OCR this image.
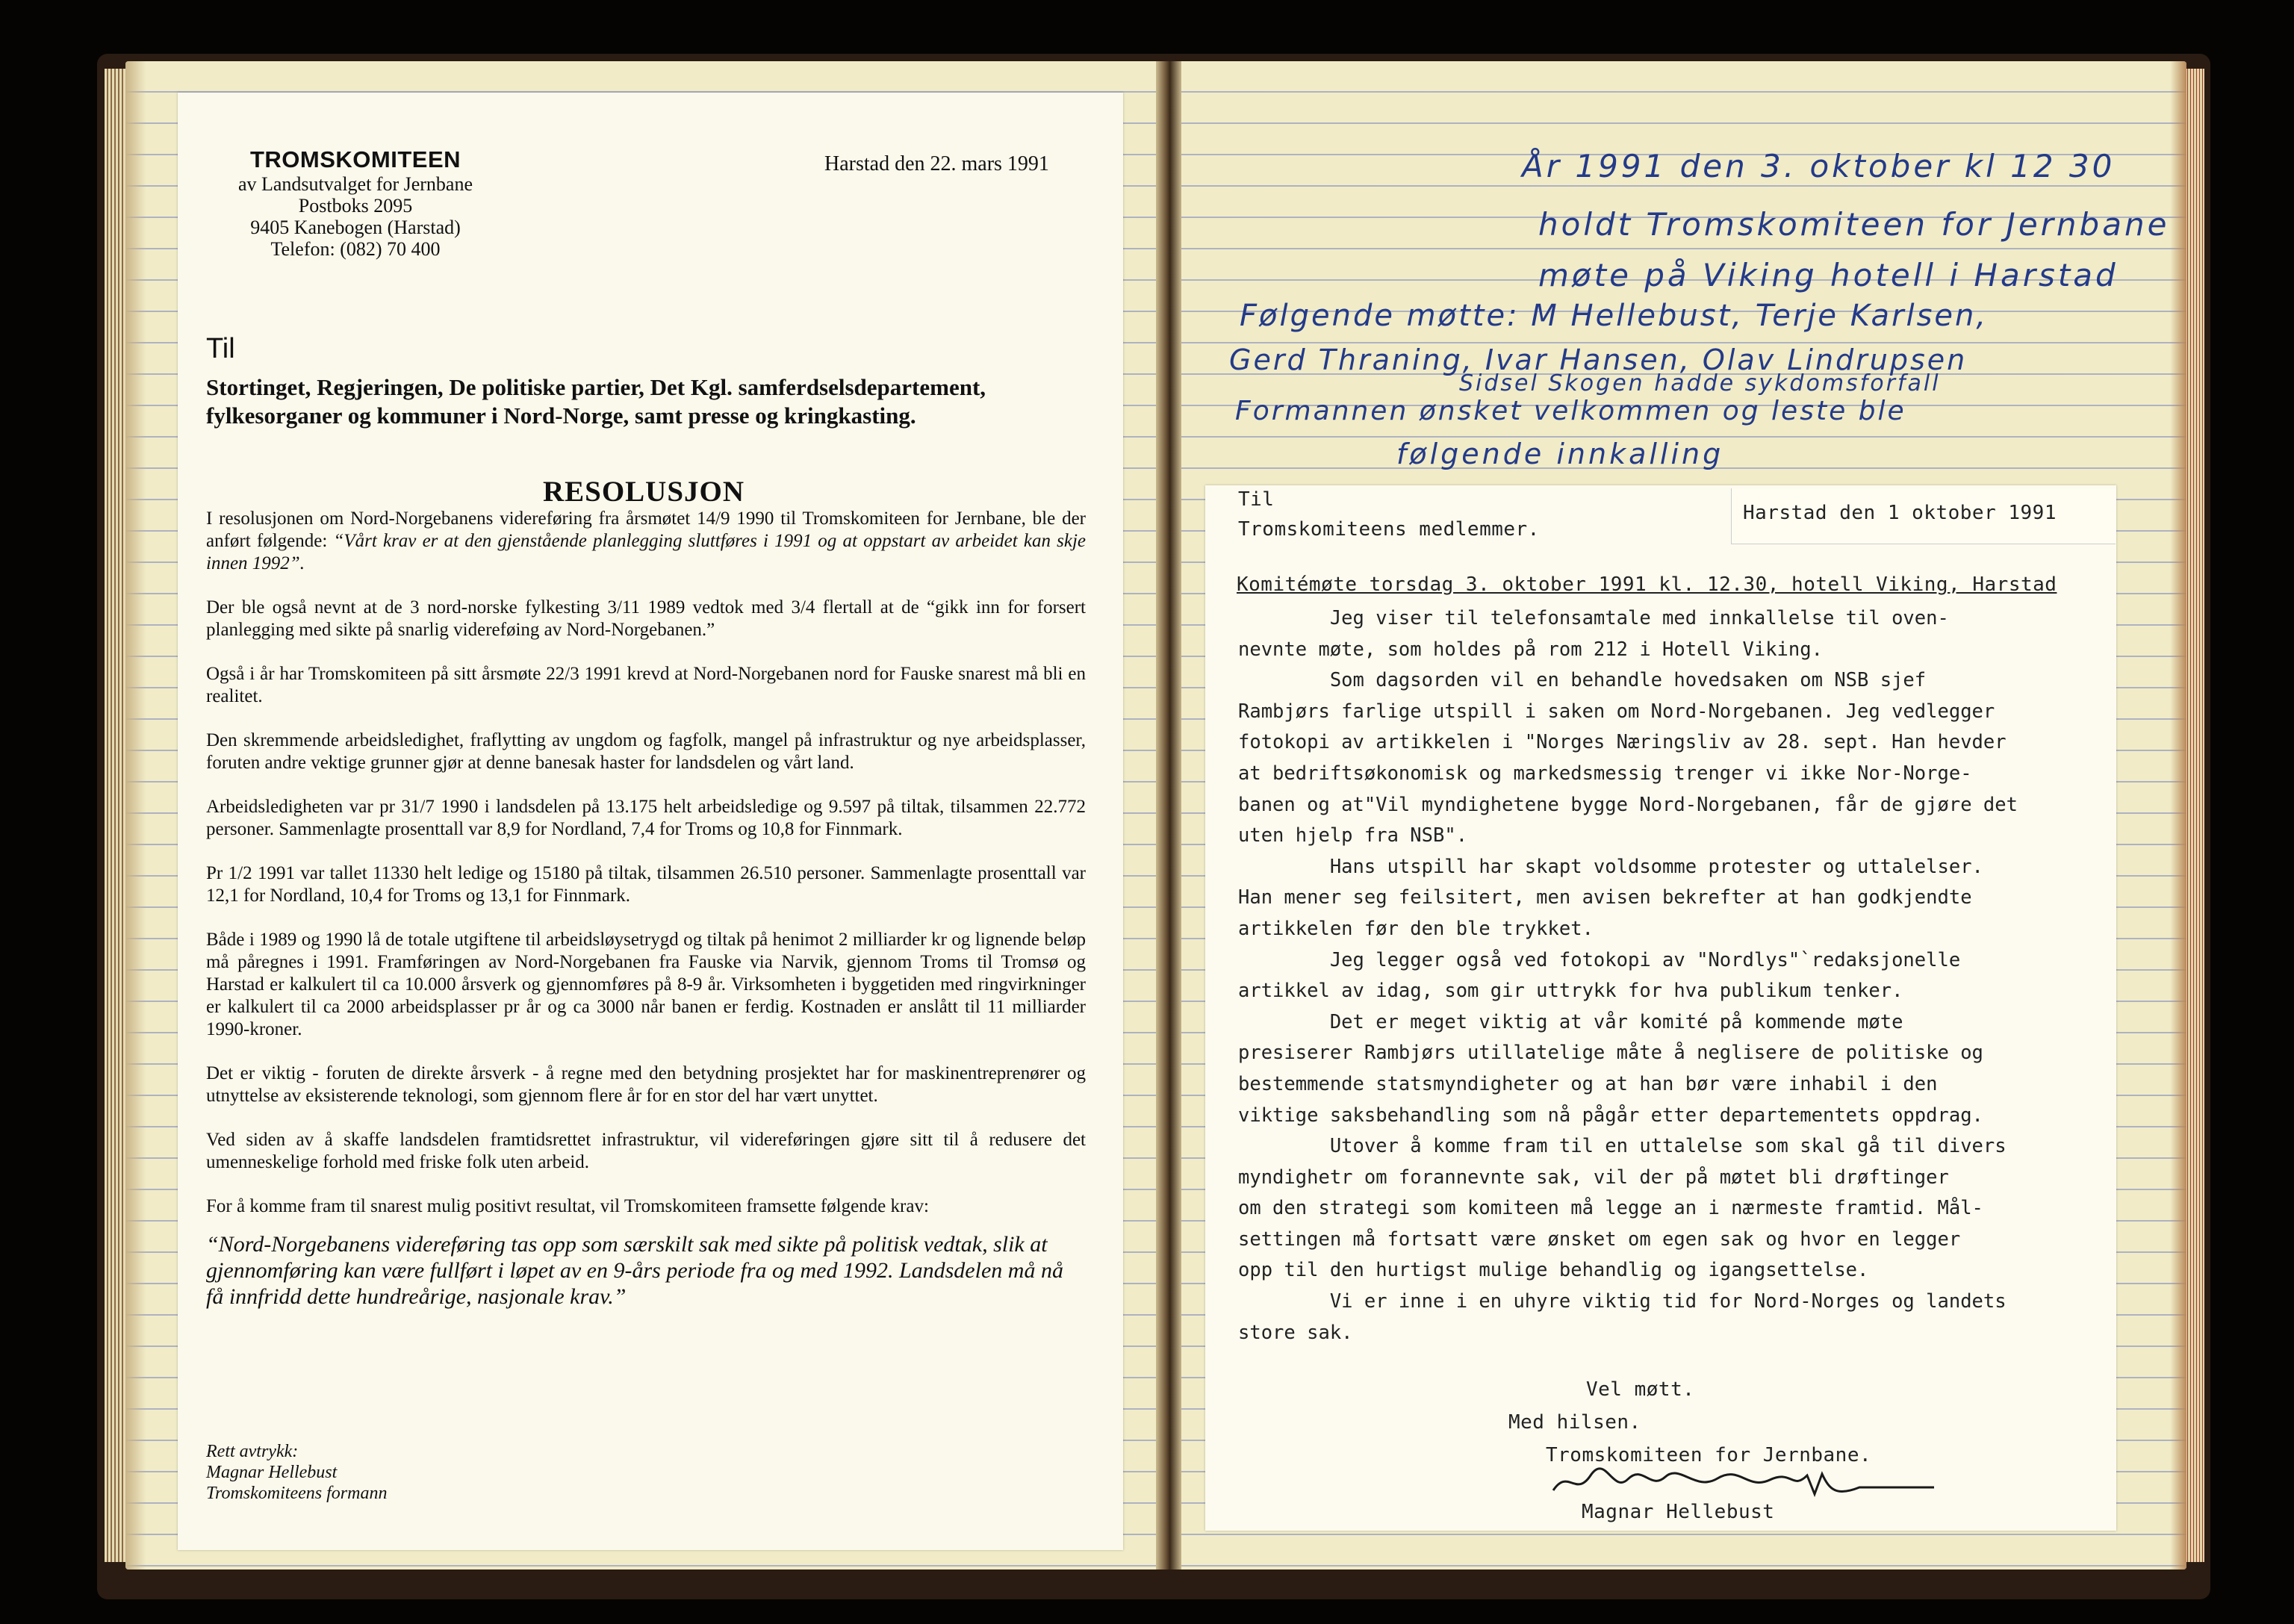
TROMSKOMITEEN
av Landsutvalget for Jernbane
Postboks 2095
9405 Kanebogen (Harstad)
Telefon: (082) 70 400
Harstad den 22. mars 1991
Til

Stortinget, Regjeringen, De politiske partier, Det Kgl. samferdselsdepartement, fylkesorganer og kommuner i Nord-Norge, samt presse og kringkasting.

RESOLUSJON

I resolusjonen om Nord-Norgebanens videreføring fra årsmøtet 14/9 1990 til Tromskomiteen for Jernbane, ble der anført følgende: “Vårt krav er at den gjenstående planlegging sluttføres i 1991 og at oppstart av arbeidet kan skje innen 1992”.

Der ble også nevnt at de 3 nord-norske fylkesting 3/11 1989 vedtok med 3/4 flertall at de “gikk inn for forsert planlegging med sikte på snarlig videreføing av Nord-Norgebanen.”

Også i år har Tromskomiteen på sitt årsmøte 22/3 1991 krevd at Nord-Norgebanen nord for Fauske snarest må bli en realitet.

Den skremmende arbeidsledighet, fraflytting av ungdom og fagfolk, mangel på infrastruktur og nye arbeidsplasser, foruten andre vektige grunner gjør at denne banesak haster for landsdelen og vårt land.

Arbeidsledigheten var pr 31/7 1990 i landsdelen på 13.175 helt arbeidsledige og 9.597 på tiltak, tilsammen 22.772 personer. Sammenlagte prosenttall var 8,9 for Nordland, 7,4 for Troms og 10,8 for Finnmark.

Pr 1/2 1991 var tallet 11330 helt ledige og 15180 på tiltak, tilsammen 26.510 personer. Sammenlagte prosenttall var 12,1 for Nordland, 10,4 for Troms og 13,1 for Finnmark.

Både i 1989 og 1990 lå de totale utgiftene til arbeidsløysetrygd og tiltak på henimot 2 milliarder kr og lignende beløp må påregnes i 1991. Framføringen av Nord-Norgebanen fra Fauske via Narvik, gjennom Troms til Tromsø og Harstad er kalkulert til ca 10.000 årsverk og gjennomføres på 8-9 år. Virksomheten i byggetiden med ringvirkninger er kalkulert til ca 2000 arbeidsplasser pr år og ca 3000 når banen er ferdig. Kostnaden er anslått til 11 milliarder 1990-kroner.

Det er viktig - foruten de direkte årsverk - å regne med den betydning prosjektet har for maskinentreprenører og utnyttelse av eksisterende teknologi, som gjennom flere år for en stor del har vært unyttet.

Ved siden av å skaffe landsdelen framtidsrettet infrastruktur, vil videreføringen gjøre sitt til å redusere det umenneskelige forhold med friske folk uten arbeid.

For å komme fram til snarest mulig positivt resultat, vil Tromskomiteen framsette følgende krav:

“Nord-Norgebanens videreføring tas opp som særskilt sak med sikte på politisk vedtak, slik at gjennomføring kan være fullført i løpet av en 9-års periode fra og med 1992. Landsdelen må nå få innfridd dette hundreårige, nasjonale krav.”

Rett avtrykk:
Magnar Hellebust
Tromskomiteens formann
År 1991 den 3. oktober kl 12 30
holdt Tromskomiteen for Jernbane
møte på Viking hotell i Harstad
Følgende møtte: M Hellebust, Terje Karlsen,
Gerd Thraning, Ivar Hansen, Olav Lindrupsen
Sidsel Skogen hadde sykdomsforfall
Formannen ønsket velkommen og leste ble
følgende innkalling
Til
Tromskomiteens medlemmer.
Harstad den 1 oktober 1991
Komitémøte torsdag 3. oktober 1991 kl. 12.30, hotell Viking, Harstad
Jeg viser til telefonsamtale med innkallelse til oven-
nevnte møte, som holdes på rom 212 i Hotell Viking.
Som dagsorden vil en behandle hovedsaken om NSB sjef
Rambjørs farlige utspill i saken om Nord-Norgebanen. Jeg vedlegger
fotokopi av artikkelen i "Norges Næringsliv av 28. sept. Han hevder
at bedriftsøkonomisk og markedsmessig trenger vi ikke Nor-Norge-
banen og at"Vil myndighetene bygge Nord-Norgebanen, får de gjøre det
uten hjelp fra NSB".
Hans utspill har skapt voldsomme protester og uttalelser.
Han mener seg feilsitert, men avisen bekrefter at han godkjendte
artikkelen før den ble trykket.
Jeg legger også ved fotokopi av "Nordlys"`redaksjonelle
artikkel av idag, som gir uttrykk for hva publikum tenker.
Det er meget viktig at vår komité på kommende møte
presiserer Rambjørs utillatelige måte å neglisere de politiske og
bestemmende statsmyndigheter og at han bør være inhabil i den
viktige saksbehandling som nå pågår etter departementets oppdrag.
Utover å komme fram til en uttalelse som skal gå til divers
myndighetr om forannevnte sak, vil der på møtet bli drøftinger
om den strategi som komiteen må legge an i nærmeste framtid. Mål-
settingen må fortsatt være ønsket om egen sak og hvor en legger
opp til den hurtigst mulige behandlig og igangsettelse.
Vi er inne i en uhyre viktig tid for Nord-Norges og landets
store sak.
Vel møtt.
Med hilsen.
Tromskomiteen for Jernbane.
Magnar Hellebust
